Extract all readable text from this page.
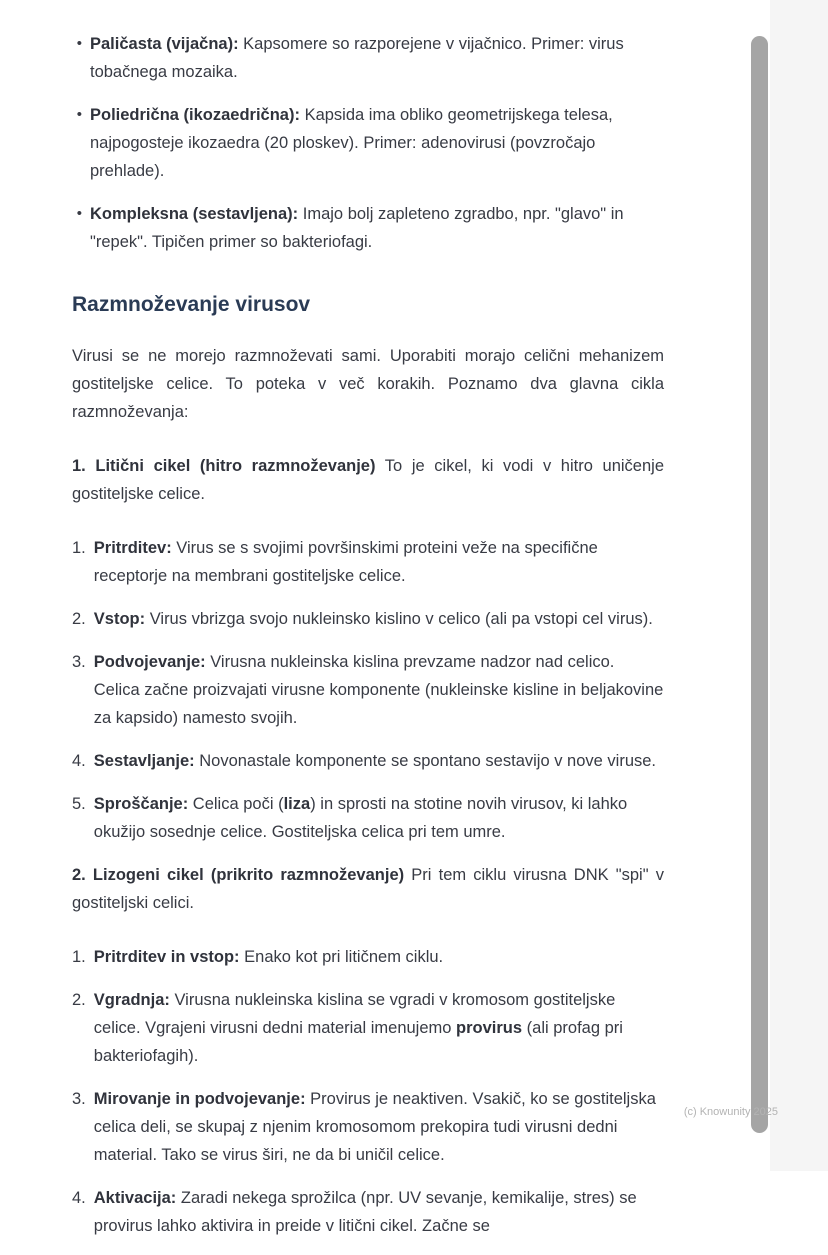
• Paličasta (vijačna): Kapsomere so razporejene v vijačnico. Primer: virus tobačnega mozaika.
• Poliedrična (ikozaedrična): Kapsida ima obliko geometrijskega telesa, najpogosteje ikozaedra (20 ploskev). Primer: adenovirusi (povzročajo prehlade).
• Kompleksna (sestavljena): Imajo bolj zapleteno zgradbo, npr. "glavo" in "repek". Tipičen primer so bakteriofagi.
Razmnoževanje virusov

Virusi se ne morejo razmnoževati sami. Uporabiti morajo celični mehanizem gostiteljske celice. To poteka v več korakih. Poznamo dva glavna cikla razmnoževanja:

1. Litični cikel (hitro razmnoževanje) To je cikel, ki vodi v hitro uničenje gostiteljske celice.

1. Pritrditev: Virus se s svojimi površinskimi proteini veže na specifične receptorje na membrani gostiteljske celice.
2. Vstop: Virus vbrizga svojo nukleinsko kislino v celico (ali pa vstopi cel virus).
3. Podvojevanje: Virusna nukleinska kislina prevzame nadzor nad celico. Celica začne proizvajati virusne komponente (nukleinske kisline in beljakovine za kapsido) namesto svojih.
4. Sestavljanje: Novonastale komponente se spontano sestavijo v nove viruse.
5. Sproščanje: Celica poči (liza) in sprosti na stotine novih virusov, ki lahko okužijo sosednje celice. Gostiteljska celica pri tem umre.

2. Lizogeni cikel (prikrito razmnoževanje) Pri tem ciklu virusna DNK "spi" v gostiteljski celici.

1. Pritrditev in vstop: Enako kot pri litičnem ciklu.
2. Vgradnja: Virusna nukleinska kislina se vgradi v kromosom gostiteljske celice. Vgrajeni virusni dedni material imenujemo provirus (ali profag pri bakteriofagih).
3. Mirovanje in podvojevanje: Provirus je neaktiven. Vsakič, ko se gostiteljska celica deli, se skupaj z njenim kromosomom prekopira tudi virusni dedni material. Tako se virus širi, ne da bi uničil celice.
4. Aktivacija: Zaradi nekega sprožilca (npr. UV sevanje, kemikalije, stres) se provirus lahko aktivira in preide v litični cikel. Začne se
(c) Knowunity 2025
